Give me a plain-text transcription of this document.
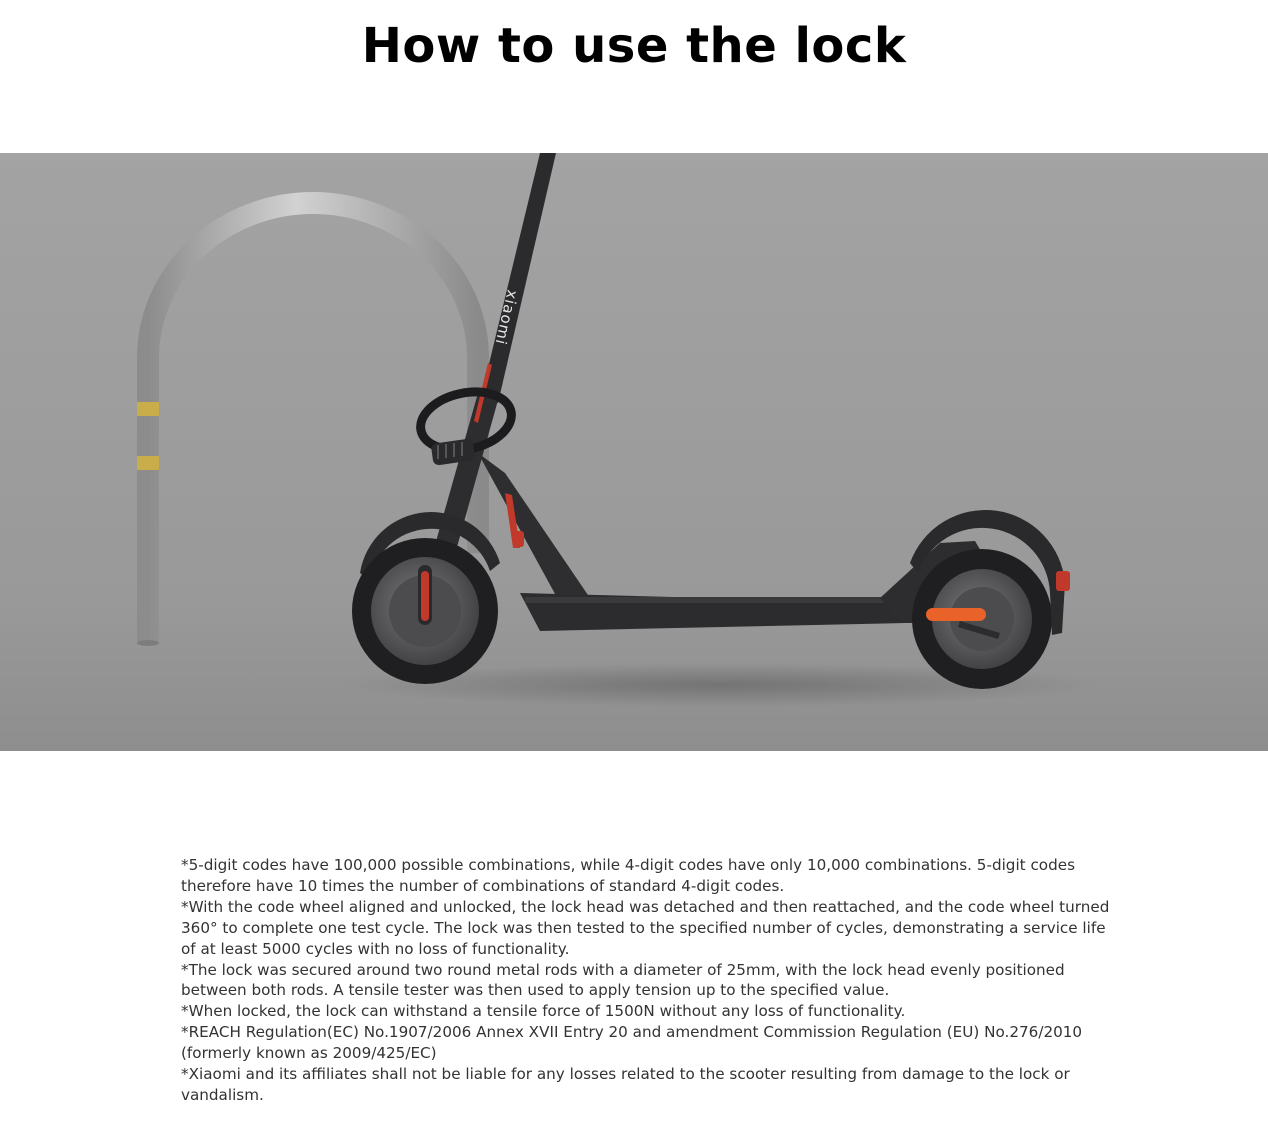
How to use the lock
xiaomi

*5-digit codes have 100,000 possible combinations, while 4-digit codes have only 10,000 combinations. 5-digit codes therefore have 10 times the number of combinations of standard 4-digit codes.

*With the code wheel aligned and unlocked, the lock head was detached and then reattached, and the code wheel turned 360° to complete one test cycle. The lock was then tested to the specified number of cycles, demonstrating a service life of at least 5000 cycles with no loss of functionality.

*The lock was secured around two round metal rods with a diameter of 25mm, with the lock head evenly positioned between both rods. A tensile tester was then used to apply tension up to the specified value.

*When locked, the lock can withstand a tensile force of 1500N without any loss of functionality.

*REACH Regulation(EC) No.1907/2006 Annex XVII Entry 20 and amendment Commission Regulation (EU) No.276/2010 (formerly known as 2009/425/EC)

*Xiaomi and its affiliates shall not be liable for any losses related to the scooter resulting from damage to the lock or vandalism.
